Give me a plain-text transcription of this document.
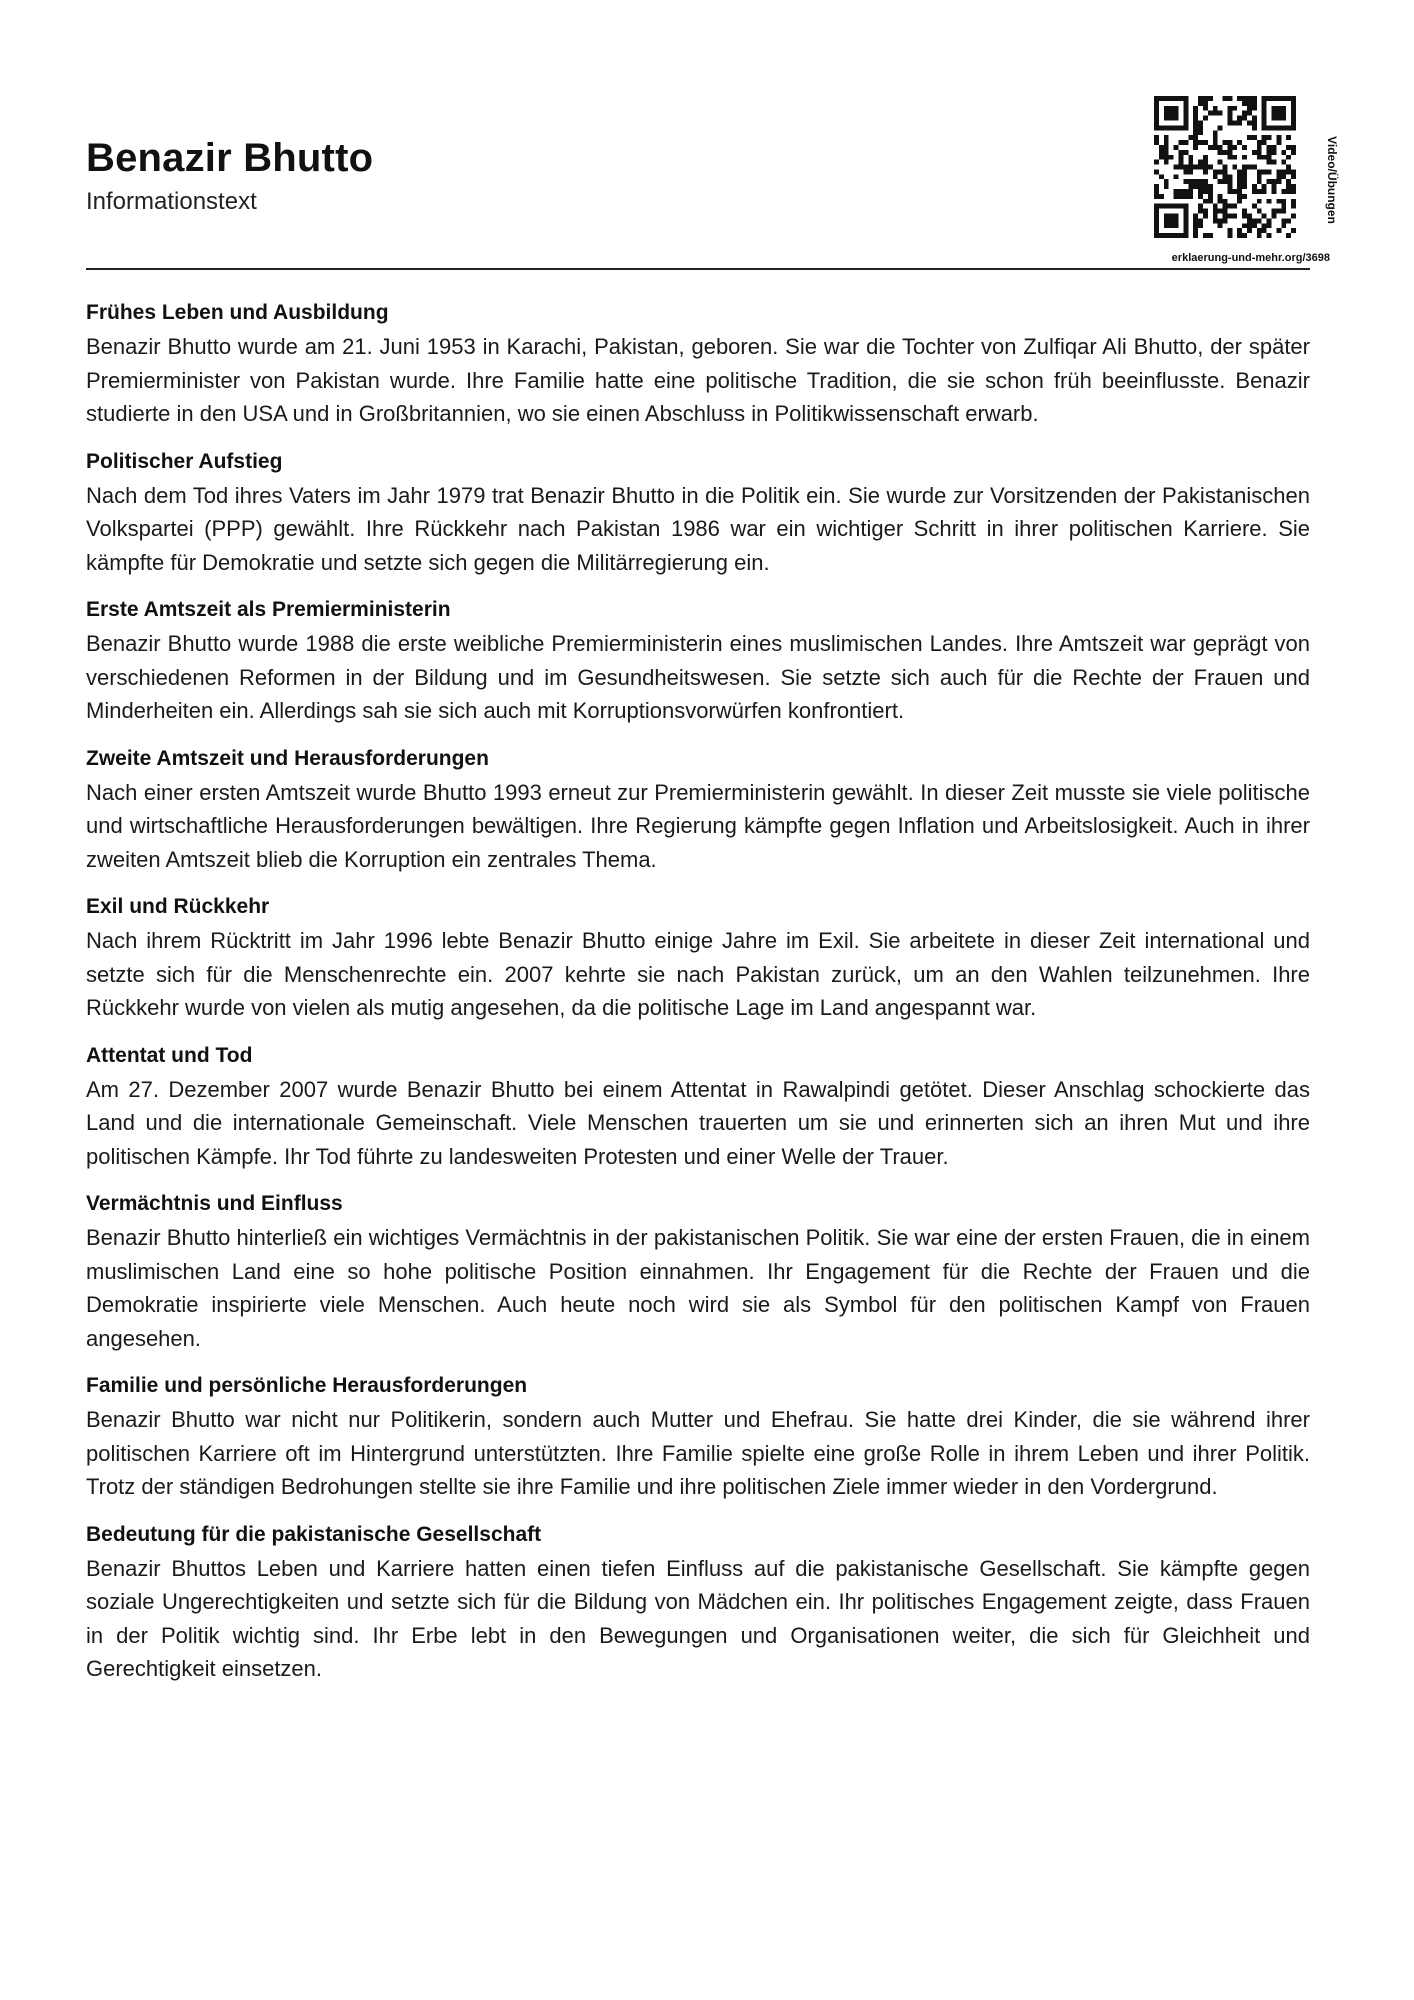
Benazir Bhutto
Informationstext	Video/Übungen
erklaerung-und-mehr.org/3698
Frühes Leben und Ausbildung

Benazir Bhutto wurde am 21. Juni 1953 in Karachi, Pakistan, geboren. Sie war die Tochter von Zulfiqar Ali Bhutto, der später Premierminister von Pakistan wurde. Ihre Familie hatte eine politische Tradition, die sie schon früh beeinflusste. Benazir studierte in den USA und in Großbritannien, wo sie einen Abschluss in Politikwissenschaft erwarb.

Politischer Aufstieg

Nach dem Tod ihres Vaters im Jahr 1979 trat Benazir Bhutto in die Politik ein. Sie wurde zur Vorsitzenden der Pakistanischen Volkspartei (PPP) gewählt. Ihre Rückkehr nach Pakistan 1986 war ein wichtiger Schritt in ihrer politischen Karriere. Sie kämpfte für Demokratie und setzte sich gegen die Militärregierung ein.

Erste Amtszeit als Premierministerin

Benazir Bhutto wurde 1988 die erste weibliche Premierministerin eines muslimischen Landes. Ihre Amtszeit war geprägt von verschiedenen Reformen in der Bildung und im Gesundheitswesen. Sie setzte sich auch für die Rechte der Frauen und Minderheiten ein. Allerdings sah sie sich auch mit Korruptionsvorwürfen konfrontiert.

Zweite Amtszeit und Herausforderungen

Nach einer ersten Amtszeit wurde Bhutto 1993 erneut zur Premierministerin gewählt. In dieser Zeit musste sie viele politische und wirtschaftliche Herausforderungen bewältigen. Ihre Regierung kämpfte gegen Inflation und Arbeitslosigkeit. Auch in ihrer zweiten Amtszeit blieb die Korruption ein zentrales Thema.

Exil und Rückkehr

Nach ihrem Rücktritt im Jahr 1996 lebte Benazir Bhutto einige Jahre im Exil. Sie arbeitete in dieser Zeit international und setzte sich für die Menschenrechte ein. 2007 kehrte sie nach Pakistan zurück, um an den Wahlen teilzunehmen. Ihre Rückkehr wurde von vielen als mutig angesehen, da die politische Lage im Land angespannt war.

Attentat und Tod

Am 27. Dezember 2007 wurde Benazir Bhutto bei einem Attentat in Rawalpindi getötet. Dieser Anschlag schockierte das Land und die internationale Gemeinschaft. Viele Menschen trauerten um sie und erinnerten sich an ihren Mut und ihre politischen Kämpfe. Ihr Tod führte zu landesweiten Protesten und einer Welle der Trauer.

Vermächtnis und Einfluss

Benazir Bhutto hinterließ ein wichtiges Vermächtnis in der pakistanischen Politik. Sie war eine der ersten Frauen, die in einem muslimischen Land eine so hohe politische Position einnahmen. Ihr Engagement für die Rechte der Frauen und die Demokratie inspirierte viele Menschen. Auch heute noch wird sie als Symbol für den politischen Kampf von Frauen angesehen.

Familie und persönliche Herausforderungen

Benazir Bhutto war nicht nur Politikerin, sondern auch Mutter und Ehefrau. Sie hatte drei Kinder, die sie während ihrer politischen Karriere oft im Hintergrund unterstützten. Ihre Familie spielte eine große Rolle in ihrem Leben und ihrer Politik. Trotz der ständigen Bedrohungen stellte sie ihre Familie und ihre politischen Ziele immer wieder in den Vordergrund.

Bedeutung für die pakistanische Gesellschaft

Benazir Bhuttos Leben und Karriere hatten einen tiefen Einfluss auf die pakistanische Gesellschaft. Sie kämpfte gegen soziale Ungerechtigkeiten und setzte sich für die Bildung von Mädchen ein. Ihr politisches Engagement zeigte, dass Frauen in der Politik wichtig sind. Ihr Erbe lebt in den Bewegungen und Organisationen weiter, die sich für Gleichheit und Gerechtigkeit einsetzen.
